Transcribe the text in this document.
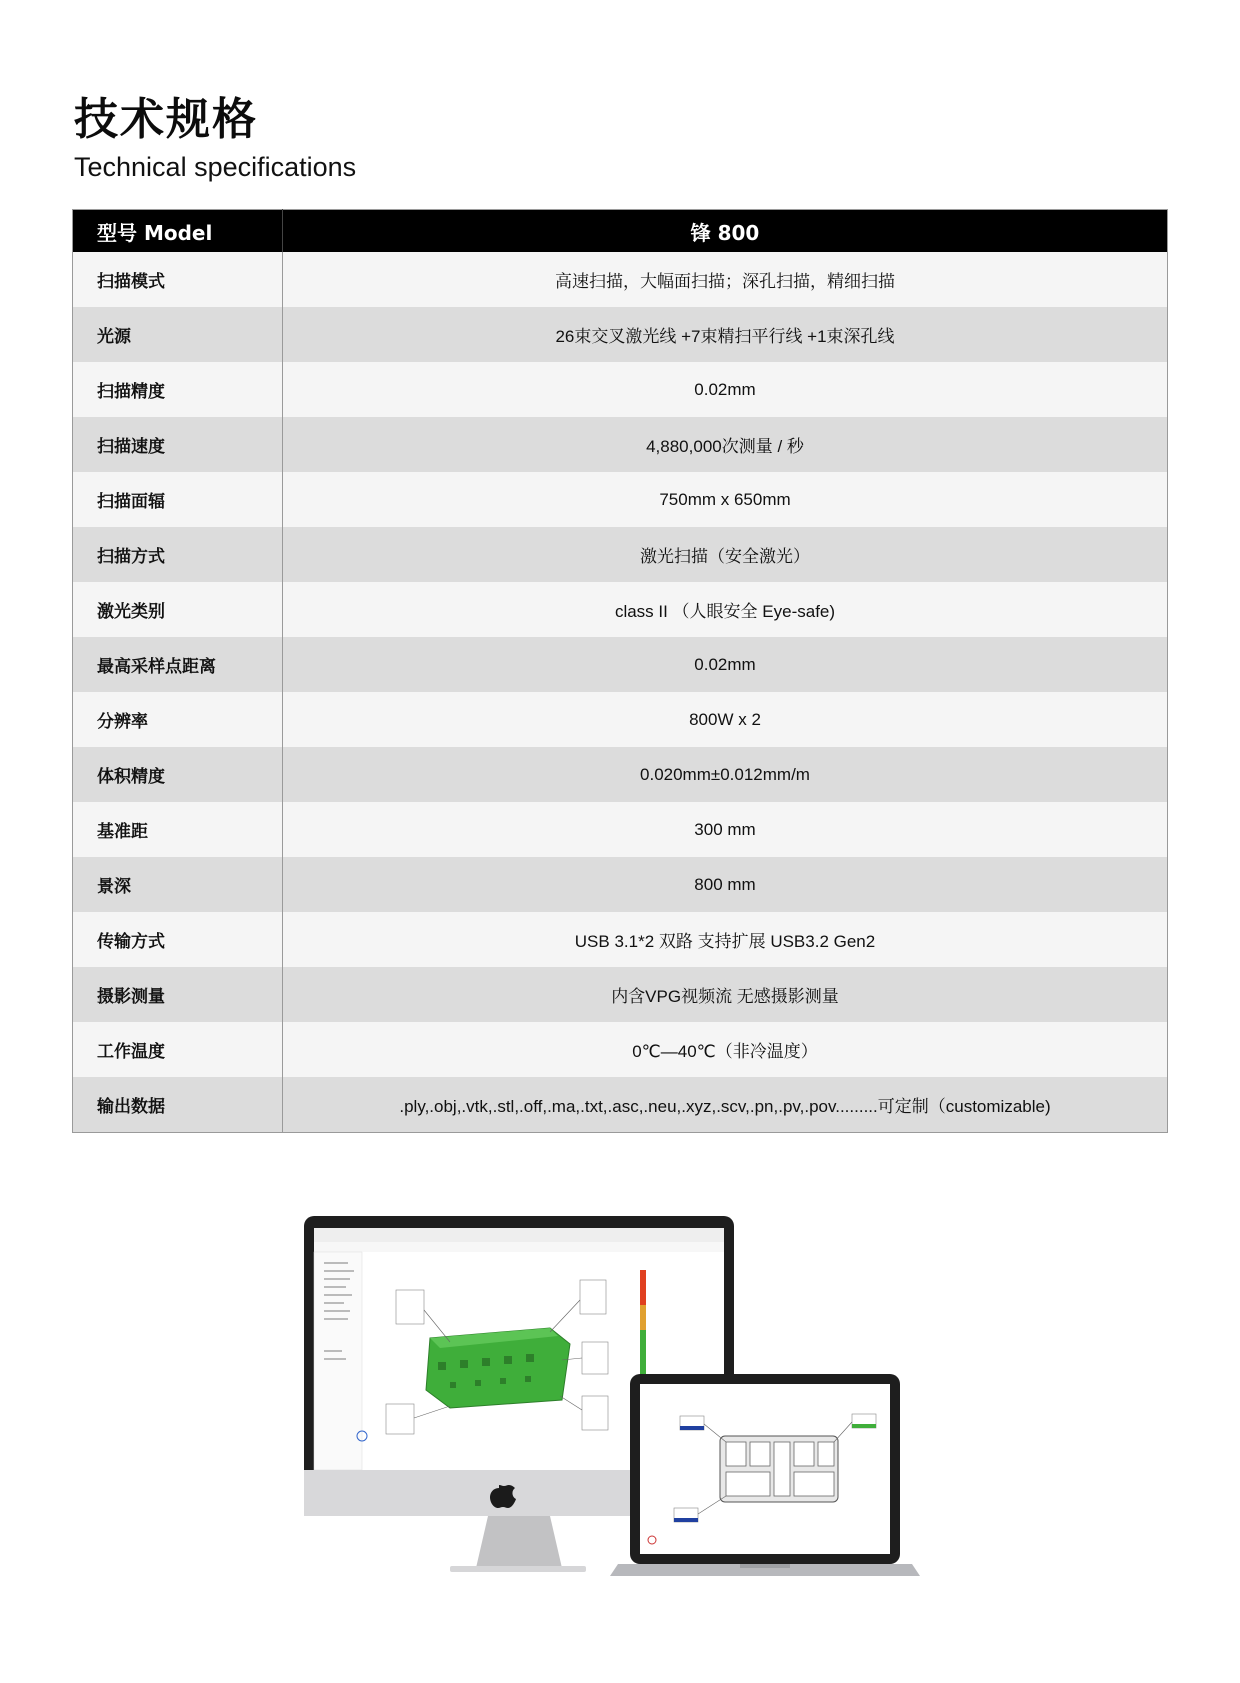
技术规格
Technical specifications
型号 Model	锋 800
扫描模式	高速扫描，大幅面扫描；深孔扫描，精细扫描
光源	26束交叉激光线 +7束精扫平行线 +1束深孔线
扫描精度	0.02mm
扫描速度	4,880,000次测量 / 秒
扫描面辐	750mm x 650mm
扫描方式	激光扫描（安全激光）
激光类别	class II （人眼安全 Eye-safe)
最高采样点距离	0.02mm
分辨率	800W x 2
体积精度	0.020mm±0.012mm/m
基准距	300 mm
景深	800 mm
传输方式	USB 3.1*2 双路 支持扩展 USB3.2 Gen2
摄影测量	内含VPG视频流 无感摄影测量
工作温度	0℃—40℃（非冷温度）
输出数据	.ply,.obj,.vtk,.stl,.off,.ma,.txt,.asc,.neu,.xyz,.scv,.pn,.pv,.pov.........可定制（customizable)
